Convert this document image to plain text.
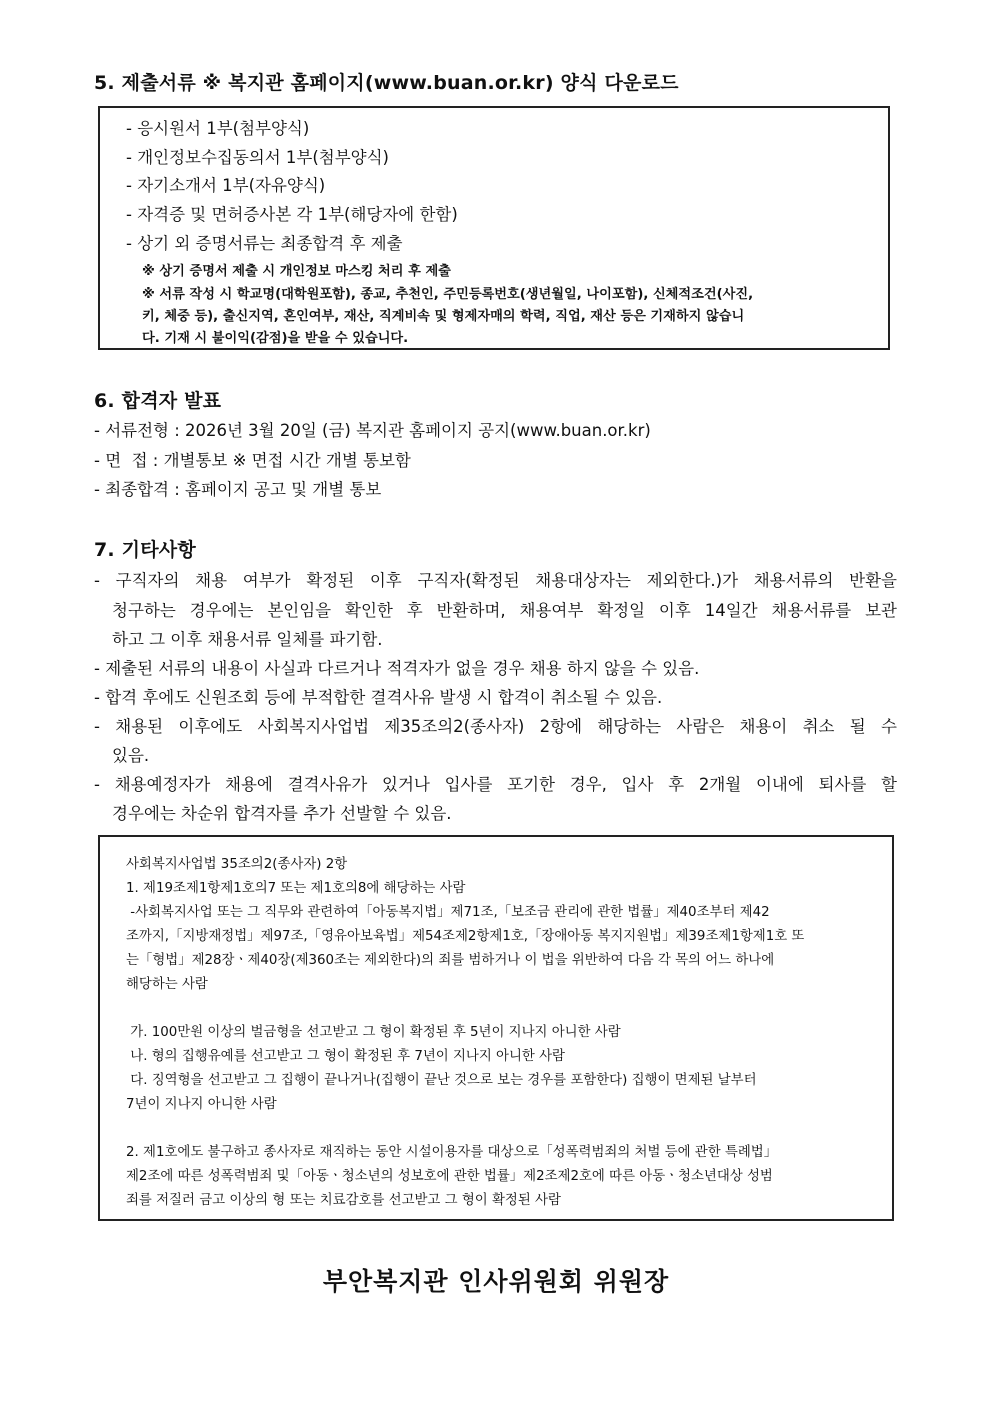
5. 제출서류 ※ 복지관 홈페이지(www.buan.or.kr) 양식 다운로드
- 응시원서 1부(첨부양식)
- 개인정보수집동의서 1부(첨부양식)
- 자기소개서 1부(자유양식)
- 자격증 및 면허증사본 각 1부(해당자에 한함)
- 상기 외 증명서류는 최종합격 후 제출
※ 상기 증명서 제출 시 개인정보 마스킹 처리 후 제출
※ 서류 작성 시 학교명(대학원포함), 종교, 추천인, 주민등록번호(생년월일, 나이포함), 신체적조건(사진,
키, 체중 등), 출신지역, 혼인여부, 재산, 직계비속 및 형제자매의 학력, 직업, 재산 등은 기재하지 않습니
다. 기재 시 불이익(감점)을 받을 수 있습니다.
6. 합격자 발표
- 서류전형 : 2026년 3월 20일 (금) 복지관 홈페이지 공지(www.buan.or.kr)
- 면  접 : 개별통보 ※ 면접 시간 개별 통보함
- 최종합격 : 홈페이지 공고 및 개별 통보
7. 기타사항
- 구직자의 채용 여부가 확정된 이후 구직자(확정된 채용대상자는 제외한다.)가 채용서류의 반환을
청구하는 경우에는 본인임을 확인한 후 반환하며, 채용여부 확정일 이후 14일간 채용서류를 보관
하고 그 이후 채용서류 일체를 파기함.
- 제출된 서류의 내용이 사실과 다르거나 적격자가 없을 경우 채용 하지 않을 수 있음.
- 합격 후에도 신원조회 등에 부적합한 결격사유 발생 시 합격이 취소될 수 있음.
- 채용된 이후에도 사회복지사업법 제35조의2(종사자) 2항에 해당하는 사람은 채용이 취소 될 수
있음.
- 채용예정자가 채용에 결격사유가 있거나 입사를 포기한 경우, 입사 후 2개월 이내에 퇴사를 할
경우에는 차순위 합격자를 추가 선발할 수 있음.
사회복지사업법 35조의2(종사자) 2항
1. 제19조제1항제1호의7 또는 제1호의8에 해당하는 사람
-사회복지사업 또는 그 직무와 관련하여「아동복지법」제71조,「보조금 관리에 관한 법률」제40조부터 제42
조까지,「지방재정법」제97조,「영유아보육법」제54조제2항제1호,「장애아동 복지지원법」제39조제1항제1호 또
는「형법」제28장ㆍ제40장(제360조는 제외한다)의 죄를 범하거나 이 법을 위반하여 다음 각 목의 어느 하나에
해당하는 사람
가. 100만원 이상의 벌금형을 선고받고 그 형이 확정된 후 5년이 지나지 아니한 사람
나. 형의 집행유예를 선고받고 그 형이 확정된 후 7년이 지나지 아니한 사람
다. 징역형을 선고받고 그 집행이 끝나거나(집행이 끝난 것으로 보는 경우를 포함한다) 집행이 면제된 날부터
7년이 지나지 아니한 사람
2. 제1호에도 불구하고 종사자로 재직하는 동안 시설이용자를 대상으로「성폭력범죄의 처벌 등에 관한 특례법」
제2조에 따른 성폭력범죄 및「아동ㆍ청소년의 성보호에 관한 법률」제2조제2호에 따른 아동ㆍ청소년대상 성범
죄를 저질러 금고 이상의 형 또는 치료감호를 선고받고 그 형이 확정된 사람
부안복지관 인사위원회 위원장
